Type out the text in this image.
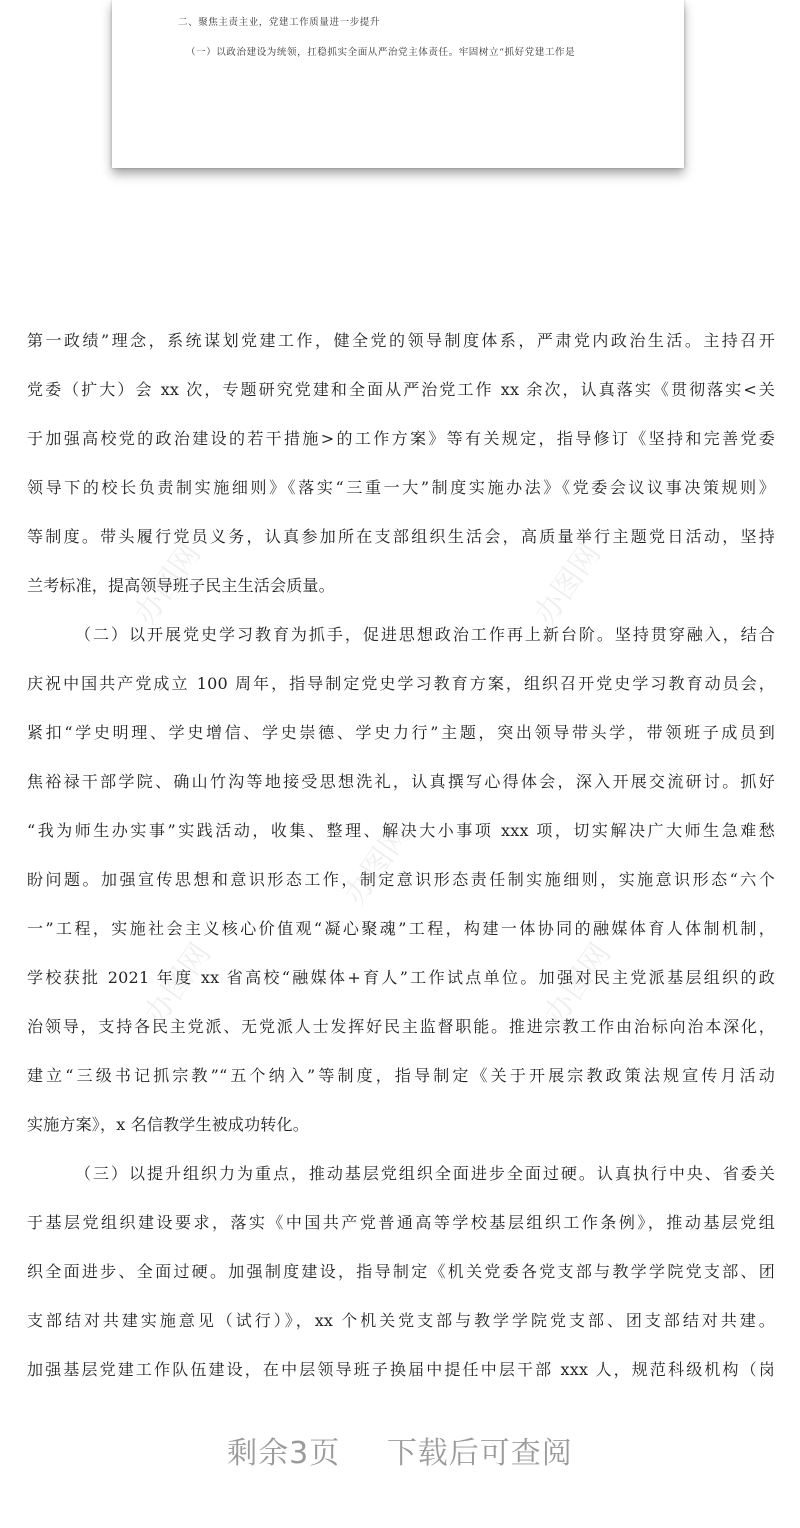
二、聚焦主责主业，党建工作质量进一步提升
（一）以政治建设为统领，扛稳抓实全面从严治党主体责任。牢固树立“抓好党建工作是
办图网	办图网
办图网
办图网	办图网
第一政绩”理念，系统谋划党建工作，健全党的领导制度体系，严肃党内政治生活。主持召开
党委（扩大）会 xx 次，专题研究党建和全面从严治党工作 xx 余次，认真落实《贯彻落实<关
于加强高校党的政治建设的若干措施>的工作方案》等有关规定，指导修订《坚持和完善党委
领导下的校长负责制实施细则》《落实“三重一大”制度实施办法》《党委会议议事决策规则》
等制度。带头履行党员义务，认真参加所在支部组织生活会，高质量举行主题党日活动，坚持
兰考标准，提高领导班子民主生活会质量。
（二）以开展党史学习教育为抓手，促进思想政治工作再上新台阶。坚持贯穿融入，结合
庆祝中国共产党成立 100 周年，指导制定党史学习教育方案，组织召开党史学习教育动员会，
紧扣“学史明理、学史增信、学史崇德、学史力行”主题，突出领导带头学，带领班子成员到
焦裕禄干部学院、确山竹沟等地接受思想洗礼，认真撰写心得体会，深入开展交流研讨。抓好
“我为师生办实事”实践活动，收集、整理、解决大小事项 xxx 项，切实解决广大师生急难愁
盼问题。加强宣传思想和意识形态工作，制定意识形态责任制实施细则，实施意识形态“六个
一”工程，实施社会主义核心价值观“凝心聚魂”工程，构建一体协同的融媒体育人体制机制，
学校获批 2021 年度 xx 省高校“融媒体+育人”工作试点单位。加强对民主党派基层组织的政
治领导，支持各民主党派、无党派人士发挥好民主监督职能。推进宗教工作由治标向治本深化，
建立“三级书记抓宗教”“五个纳入”等制度，指导制定《关于开展宗教政策法规宣传月活动
实施方案》，x 名信教学生被成功转化。
（三）以提升组织力为重点，推动基层党组织全面进步全面过硬。认真执行中央、省委关
于基层党组织建设要求，落实《中国共产党普通高等学校基层组织工作条例》，推动基层党组
织全面进步、全面过硬。加强制度建设，指导制定《机关党委各党支部与教学学院党支部、团
支部结对共建实施意见（试行）》，xx 个机关党支部与教学学院党支部、团支部结对共建。
加强基层党建工作队伍建设，在中层领导班子换届中提任中层干部 xxx 人，规范科级机构（岗
剩余3页 下载后可查阅
